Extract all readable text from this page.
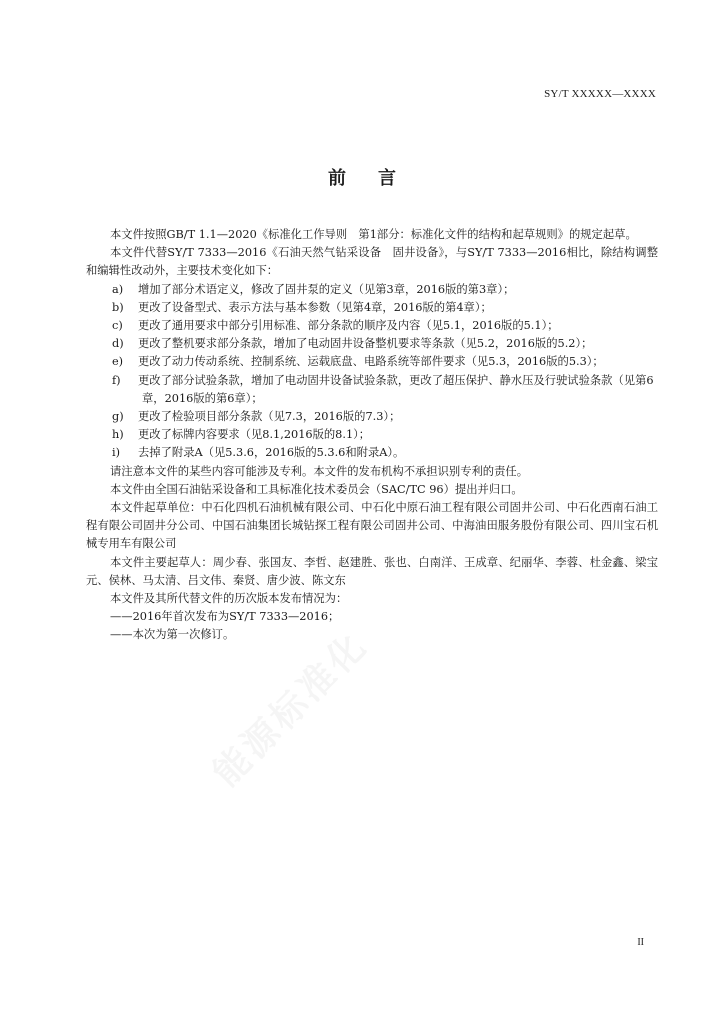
SY/T XXXXX—XXXX
前 言

本文件按照GB/T 1.1—2020《标准化工作导则　第1部分：标准化文件的结构和起草规则》的规定起草。

本文件代替SY/T 7333—2016《石油天然气钻采设备　固井设备》，与SY/T 7333—2016相比，除结构调整和编辑性改动外，主要技术变化如下：

a) 增加了部分术语定义，修改了固井泵的定义（见第3章，2016版的第3章）；

b) 更改了设备型式、表示方法与基本参数（见第4章，2016版的第4章）；

c) 更改了通用要求中部分引用标准、部分条款的顺序及内容（见5.1，2016版的5.1）；

d) 更改了整机要求部分条款，增加了电动固井设备整机要求等条款（见5.2，2016版的5.2）；

e) 更改了动力传动系统、控制系统、运载底盘、电路系统等部件要求（见5.3，2016版的5.3）；

f) 更改了部分试验条款，增加了电动固井设备试验条款，更改了超压保护、静水压及行驶试验条款（见第6章，2016版的第6章）；

g) 更改了检验项目部分条款（见7.3，2016版的7.3）；

h) 更改了标牌内容要求（见8.1,2016版的8.1）；

i) 去掉了附录A（见5.3.6，2016版的5.3.6和附录A）。

请注意本文件的某些内容可能涉及专利。本文件的发布机构不承担识别专利的责任。

本文件由全国石油钻采设备和工具标准化技术委员会（SAC/TC 96）提出并归口。

本文件起草单位：中石化四机石油机械有限公司、中石化中原石油工程有限公司固井公司、中石化西南石油工程有限公司固井分公司、中国石油集团长城钻探工程有限公司固井公司、中海油田服务股份有限公司、四川宝石机械专用车有限公司

本文件主要起草人：周少春、张国友、李哲、赵建胜、张也、白南洋、王成章、纪丽华、李蓉、杜金鑫、梁宝元、侯林、马太清、吕文伟、秦贤、唐少波、陈文东

本文件及其所代替文件的历次版本发布情况为：

——2016年首次发布为SY/T 7333—2016；

——本次为第一次修订。

能源标准化
II
